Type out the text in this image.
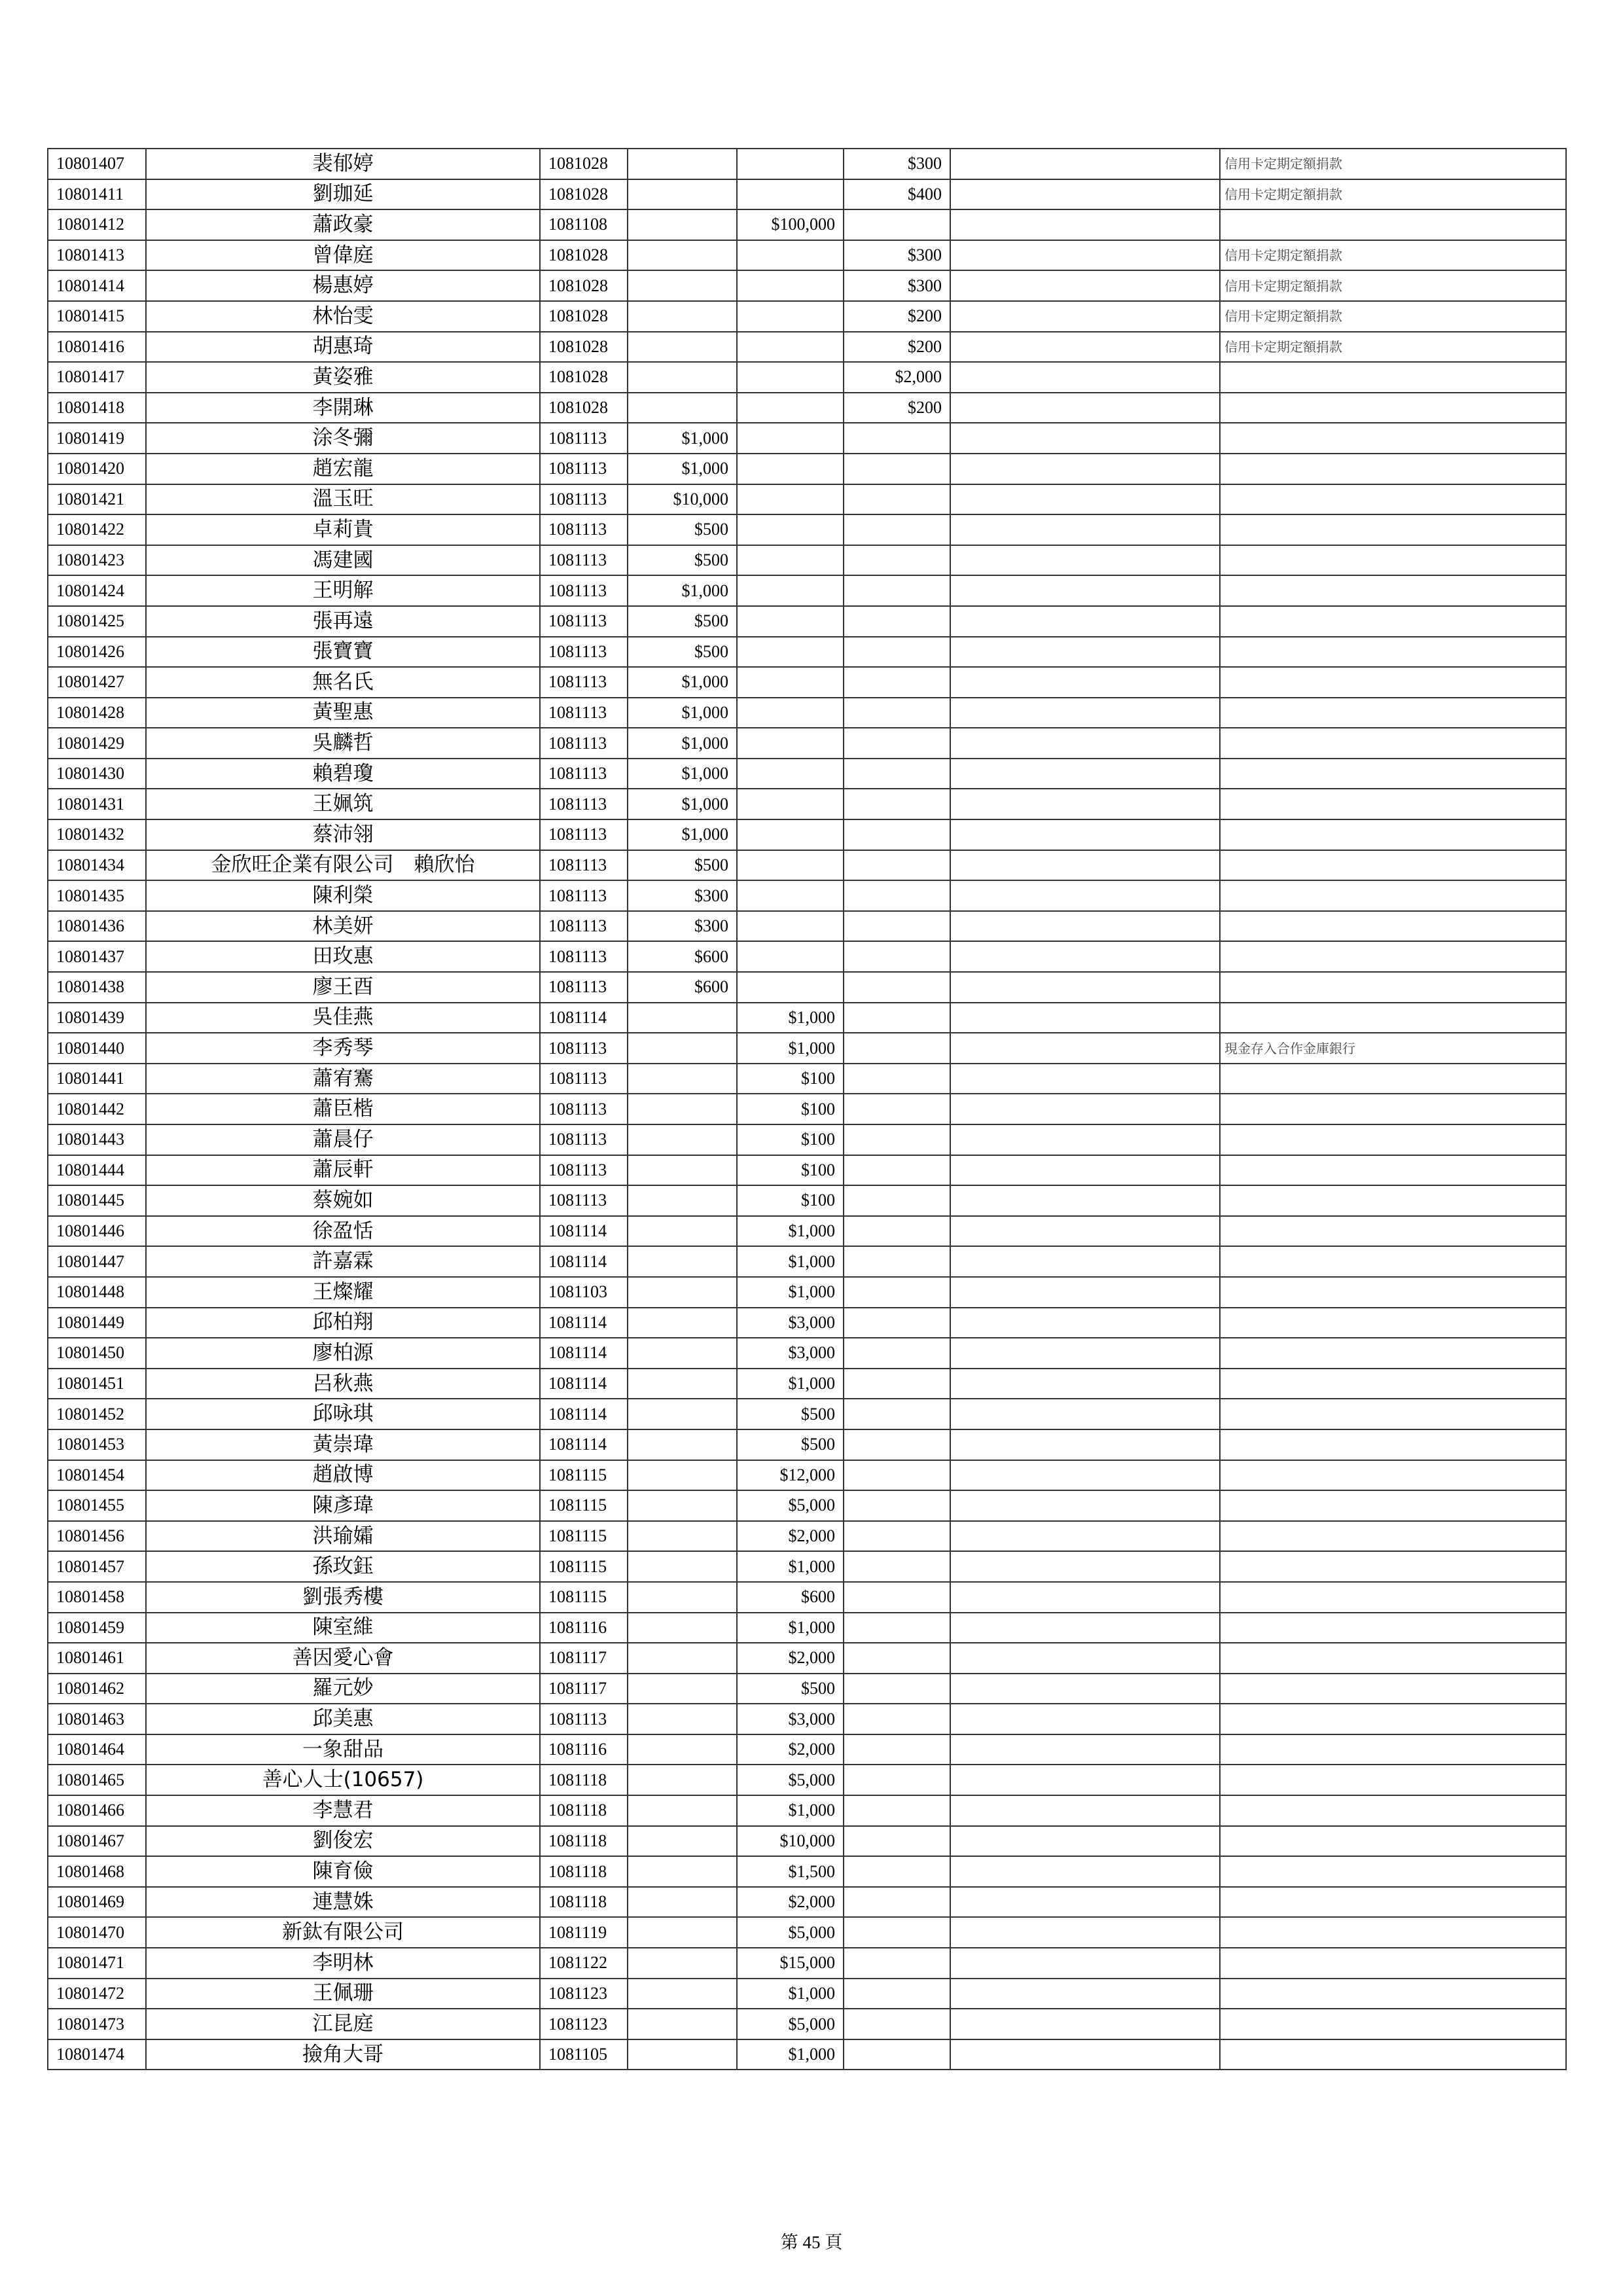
10801407	裴郁婷	1081028			$300		信用卡定期定額捐款
10801411	劉珈延	1081028			$400		信用卡定期定額捐款
10801412	蕭政豪	1081108		$100,000			
10801413	曾偉庭	1081028			$300		信用卡定期定額捐款
10801414	楊惠婷	1081028			$300		信用卡定期定額捐款
10801415	林怡雯	1081028			$200		信用卡定期定額捐款
10801416	胡惠琦	1081028			$200		信用卡定期定額捐款
10801417	黃姿雅	1081028			$2,000		
10801418	李開琳	1081028			$200		
10801419	涂冬彌	1081113	$1,000				
10801420	趙宏龍	1081113	$1,000				
10801421	溫玉旺	1081113	$10,000				
10801422	卓莉貴	1081113	$500				
10801423	馮建國	1081113	$500				
10801424	王明解	1081113	$1,000				
10801425	張再遠	1081113	$500				
10801426	張寶寶	1081113	$500				
10801427	無名氏	1081113	$1,000				
10801428	黃聖惠	1081113	$1,000				
10801429	吳麟哲	1081113	$1,000				
10801430	賴碧瓊	1081113	$1,000				
10801431	王姵筑	1081113	$1,000				
10801432	蔡沛翎	1081113	$1,000				
10801434	金欣旺企業有限公司　賴欣怡	1081113	$500				
10801435	陳利榮	1081113	$300				
10801436	林美妍	1081113	$300				
10801437	田玫惠	1081113	$600				
10801438	廖王酉	1081113	$600				
10801439	吳佳燕	1081114		$1,000			
10801440	李秀琴	1081113		$1,000			現金存入合作金庫銀行
10801441	蕭宥騫	1081113		$100			
10801442	蕭臣楷	1081113		$100			
10801443	蕭晨仔	1081113		$100			
10801444	蕭辰軒	1081113		$100			
10801445	蔡婉如	1081113		$100			
10801446	徐盈恬	1081114		$1,000			
10801447	許嘉霖	1081114		$1,000			
10801448	王燦耀	1081103		$1,000			
10801449	邱柏翔	1081114		$3,000			
10801450	廖柏源	1081114		$3,000			
10801451	呂秋燕	1081114		$1,000			
10801452	邱咏琪	1081114		$500			
10801453	黃崇瑋	1081114		$500			
10801454	趙啟博	1081115		$12,000			
10801455	陳彥瑋	1081115		$5,000			
10801456	洪瑜孀	1081115		$2,000			
10801457	孫玫鈺	1081115		$1,000			
10801458	劉張秀樓	1081115		$600			
10801459	陳室維	1081116		$1,000			
10801461	善因愛心會	1081117		$2,000			
10801462	羅元妙	1081117		$500			
10801463	邱美惠	1081113		$3,000			
10801464	一象甜品	1081116		$2,000			
10801465	善心人士(10657)	1081118		$5,000			
10801466	李慧君	1081118		$1,000			
10801467	劉俊宏	1081118		$10,000			
10801468	陳育儉	1081118		$1,500			
10801469	連慧姝	1081118		$2,000			
10801470	新鈦有限公司	1081119		$5,000			
10801471	李明林	1081122		$15,000			
10801472	王佩珊	1081123		$1,000			
10801473	江昆庭	1081123		$5,000			
10801474	撿角大哥	1081105		$1,000			
第 45 頁
